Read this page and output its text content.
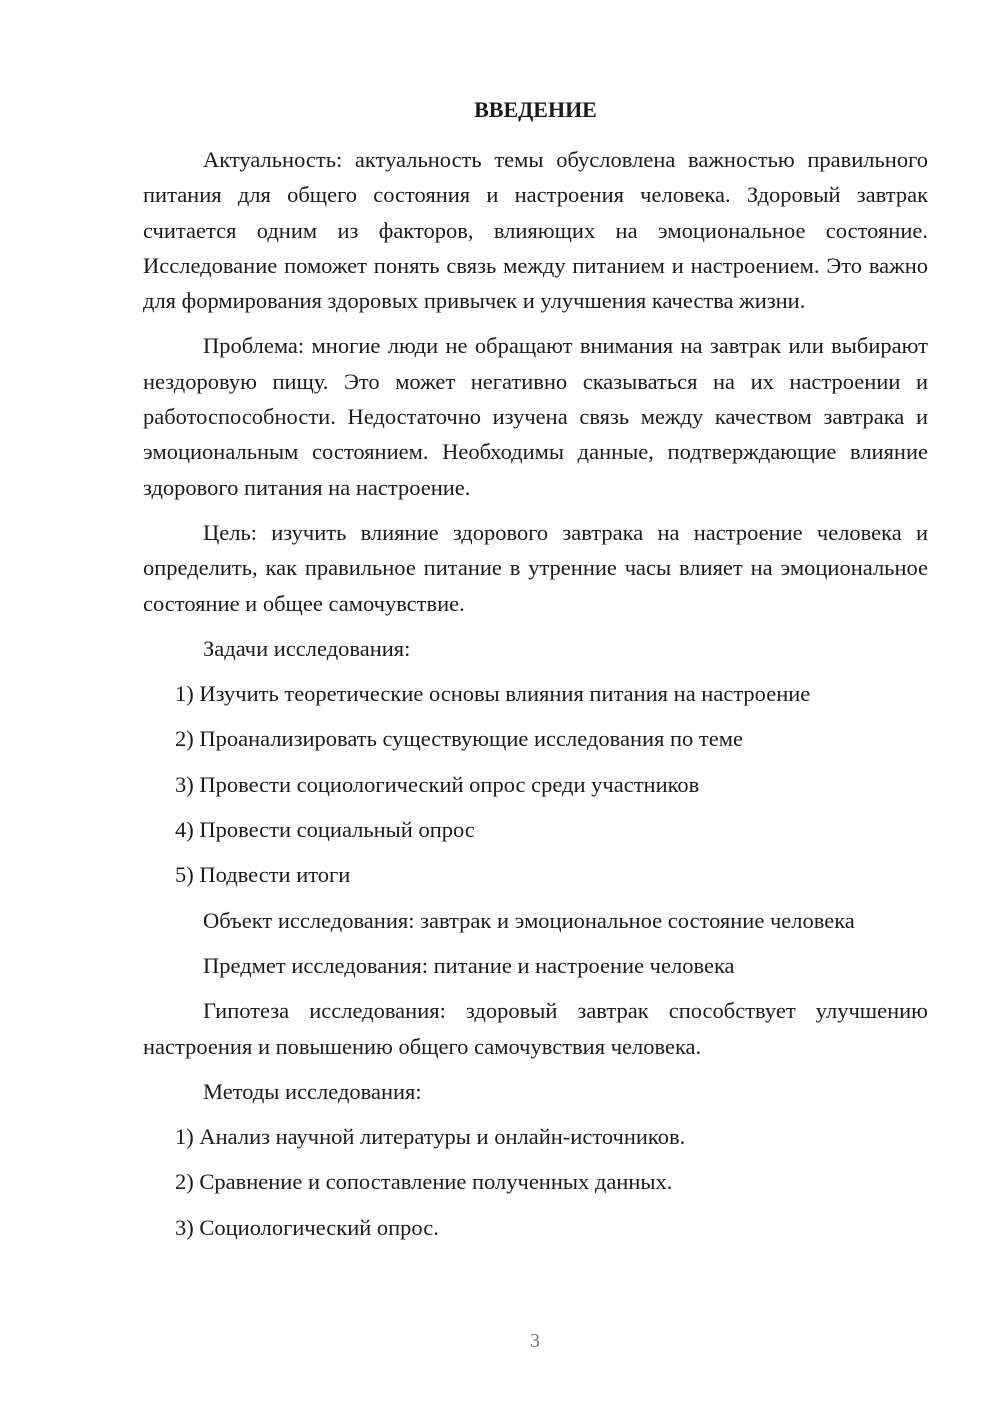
ВВЕДЕНИЕ

Актуальность: актуальность темы обусловлена важностью правильного питания для общего состояния и настроения человека. Здоровый завтрак считается одним из факторов, влияющих на эмоциональное состояние. Исследование поможет понять связь между питанием и настроением. Это важно для формирования здоровых привычек и улучшения качества жизни.

Проблема: многие люди не обращают внимания на завтрак или выбирают нездоровую пищу. Это может негативно сказываться на их настроении и работоспособности. Недостаточно изучена связь между качеством завтрака и эмоциональным состоянием. Необходимы данные, подтверждающие влияние здорового питания на настроение.

Цель: изучить влияние здорового завтрака на настроение человека и определить, как правильное питание в утренние часы влияет на эмоциональное состояние и общее самочувствие.

Задачи исследования:

1) Изучить теоретические основы влияния питания на настроение
2) Проанализировать существующие исследования по теме
3) Провести социологический опрос среди участников
4) Провести социальный опрос
5) Подвести итоги

Объект исследования: завтрак и эмоциональное состояние человека

Предмет исследования: питание и настроение человека

Гипотеза исследования: здоровый завтрак способствует улучшению настроения и повышению общего самочувствия человека.

Методы исследования:

1) Анализ научной литературы и онлайн-источников.
2) Сравнение и сопоставление полученных данных.
3) Социологический опрос.
3
